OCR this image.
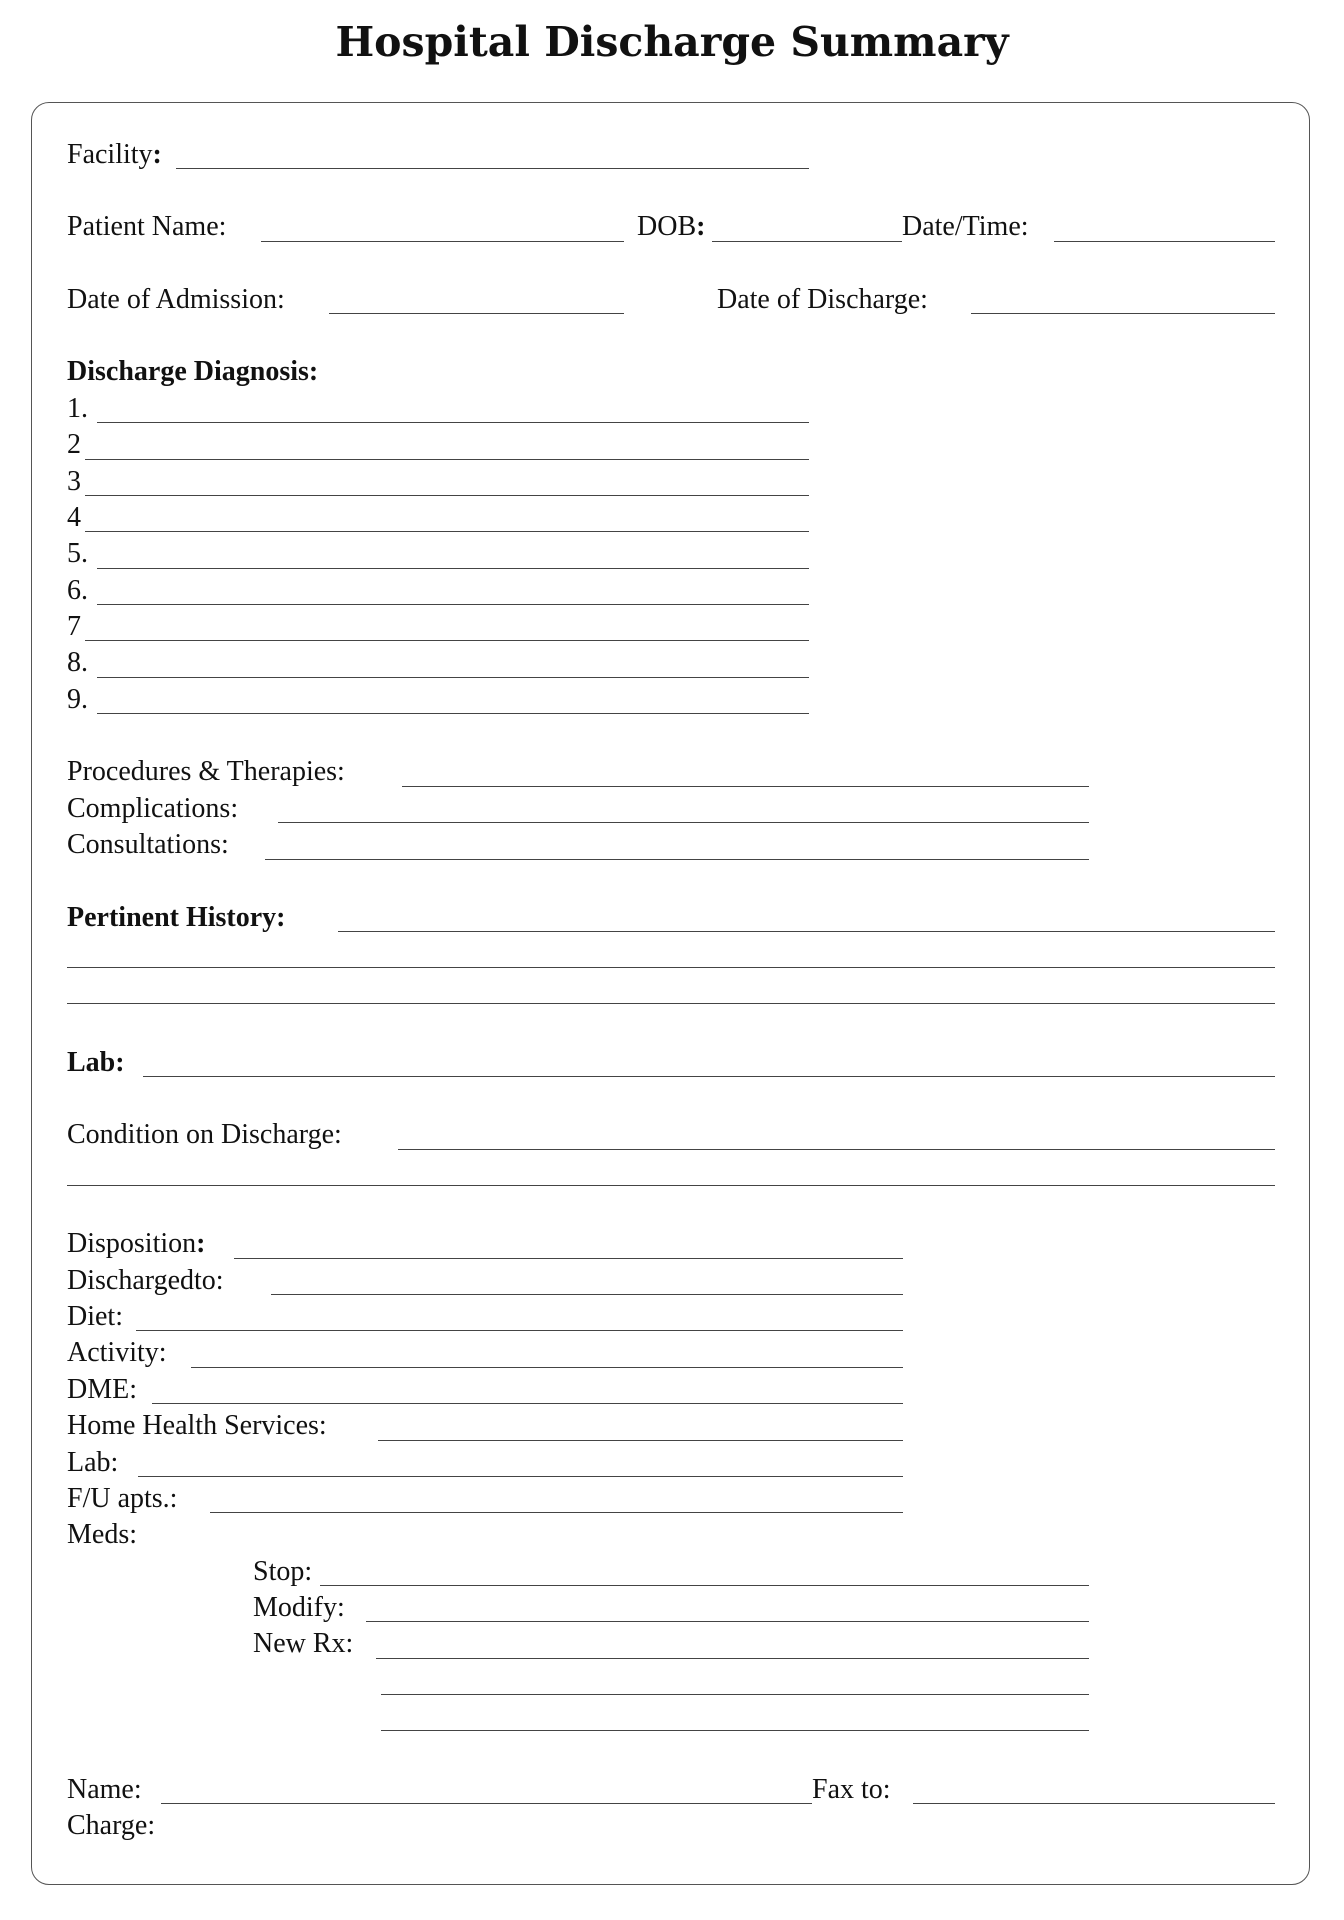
Hospital Discharge Summary
Facility:
Patient Name:	DOB:	Date/Time:
Date of Admission:	Date of Discharge:
Discharge Diagnosis:
1.
2
3
4
5.
6.
7
8.
9.
Procedures & Therapies:
Complications:
Consultations:
Pertinent History:
Lab:
Condition on Discharge:
Disposition:
Dischargedto:
Diet:
Activity:
DME:
Home Health Services:
Lab:
F/U apts.:
Meds:
Stop:
Modify:
New Rx:
Name:	Fax to:
Charge:
